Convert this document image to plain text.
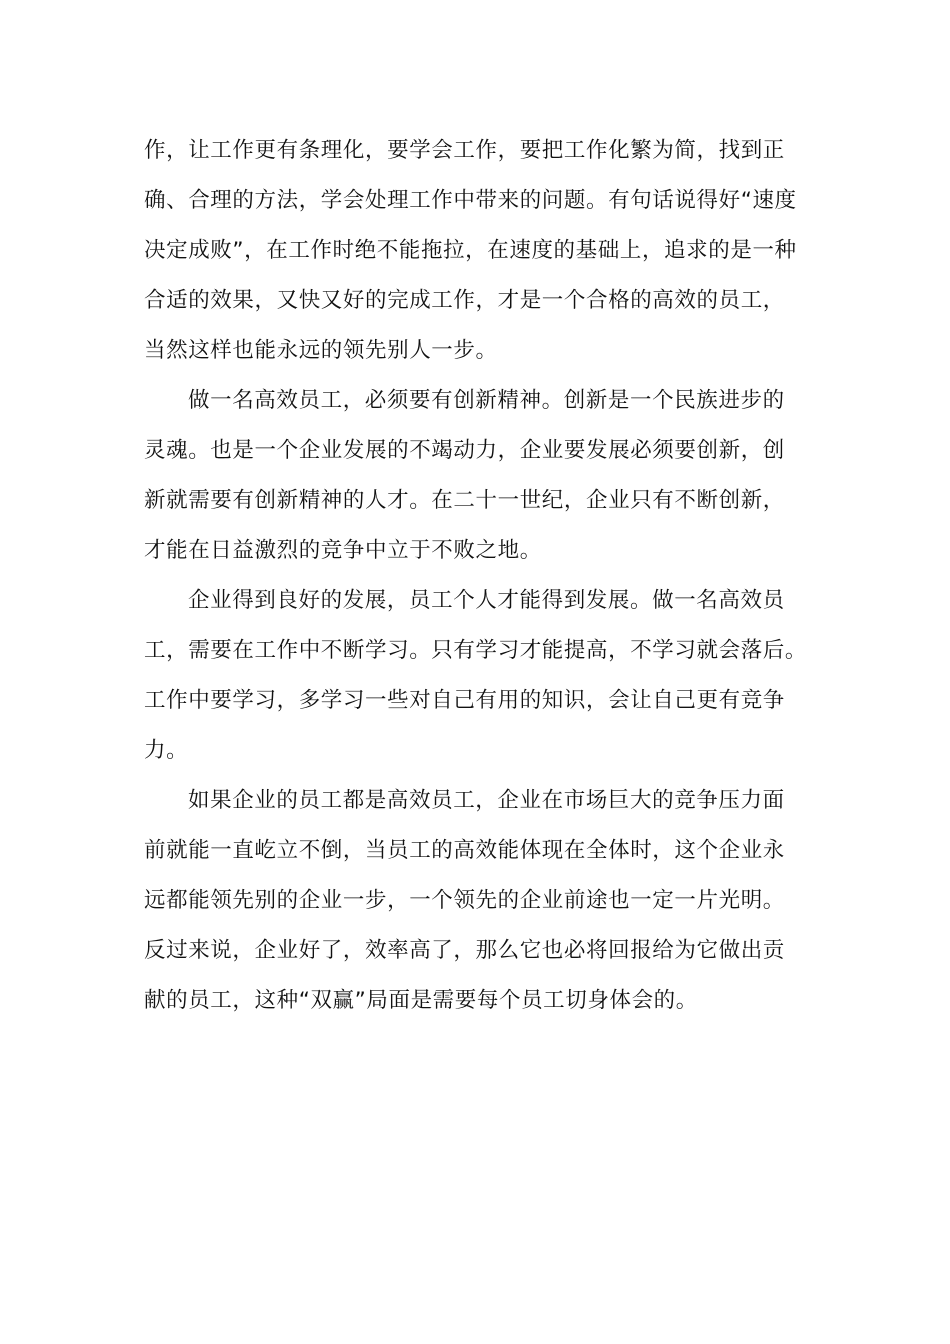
作，让工作更有条理化，要学会工作，要把工作化繁为简，找到正
确、合理的方法，学会处理工作中带来的问题。有句话说得好“速度
决定成败”，在工作时绝不能拖拉，在速度的基础上，追求的是一种
合适的效果，又快又好的完成工作，才是一个合格的高效的员工，
当然这样也能永远的领先别人一步。

做一名高效员工，必须要有创新精神。创新是一个民族进步的
灵魂。也是一个企业发展的不竭动力，企业要发展必须要创新，创
新就需要有创新精神的人才。在二十一世纪，企业只有不断创新，
才能在日益激烈的竞争中立于不败之地。

企业得到良好的发展，员工个人才能得到发展。做一名高效员
工，需要在工作中不断学习。只有学习才能提高，不学习就会落后。
工作中要学习，多学习一些对自己有用的知识，会让自己更有竞争
力。

如果企业的员工都是高效员工，企业在市场巨大的竞争压力面
前就能一直屹立不倒，当员工的高效能体现在全体时，这个企业永
远都能领先别的企业一步，一个领先的企业前途也一定一片光明。
反过来说，企业好了，效率高了，那么它也必将回报给为它做出贡
献的员工，这种“双赢”局面是需要每个员工切身体会的。
